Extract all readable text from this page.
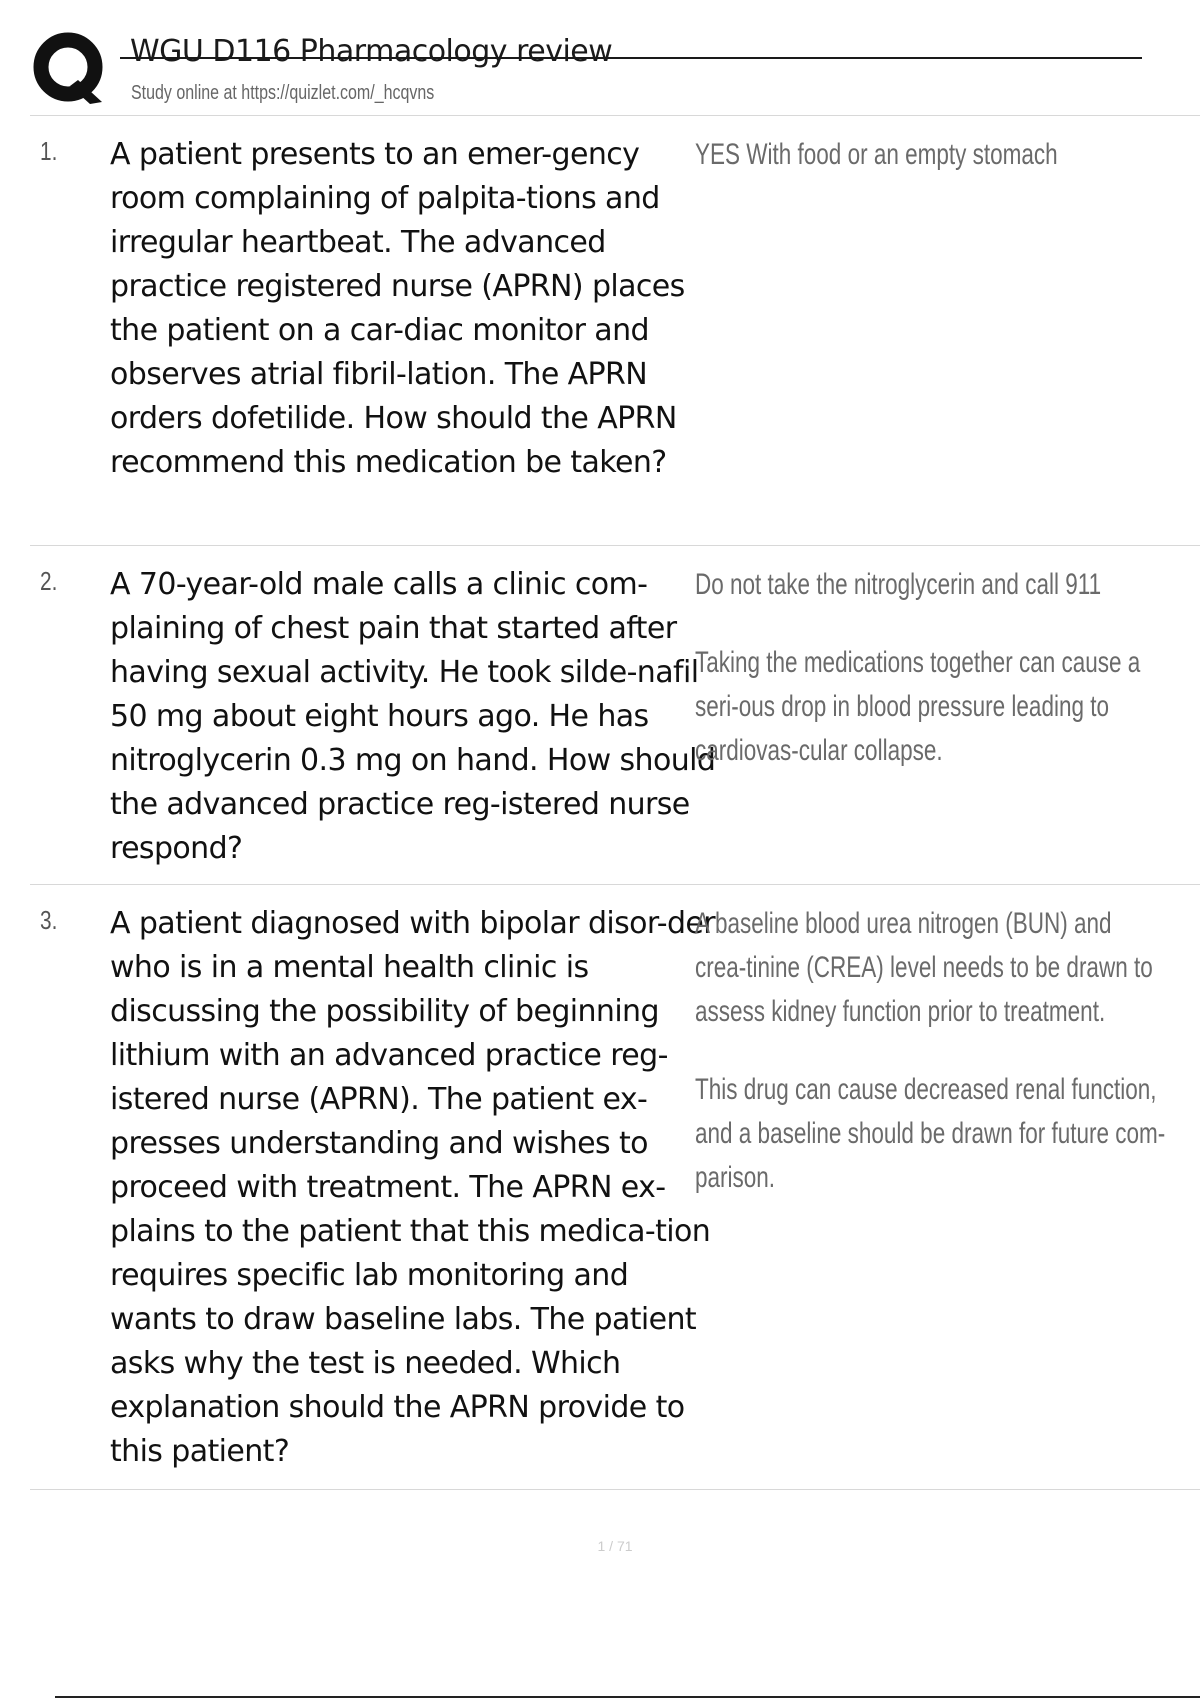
WGU D116 Pharmacology review
Study online at https://quizlet.com/_hcqvns
1. A patient presents to an emer-gency room complaining of palpita-tions and irregular heartbeat. The advanced practice registered nurse (APRN) places the patient on a car-diac monitor and observes atrial fibril-lation. The APRN orders dofetilide. How should the APRN recommend this medication be taken?
YES With food or an empty stomach
2. A 70-year-old male calls a clinic com-plaining of chest pain that started after having sexual activity. He took silde-nafil 50 mg about eight hours ago. He has nitroglycerin 0.3 mg on hand. How should the advanced practice reg-istered nurse respond?
Do not take the nitroglycerin and call 911
Taking the medications together can cause a seri-ous drop in blood pressure leading to cardiovas-cular collapse.
3. A patient diagnosed with bipolar disor-der who is in a mental health clinic is discussing the possibility of beginning lithium with an advanced practice reg-istered nurse (APRN). The patient ex-presses understanding and wishes to proceed with treatment. The APRN ex-plains to the patient that this medica-tion requires specific lab monitoring and wants to draw baseline labs. The patient asks why the test is needed. Which explanation should the APRN provide to this patient?
A baseline blood urea nitrogen (BUN) and crea-tinine (CREA) level needs to be drawn to assess kidney function prior to treatment.
This drug can cause decreased renal function, and a baseline should be drawn for future com-parison.
1 / 71
